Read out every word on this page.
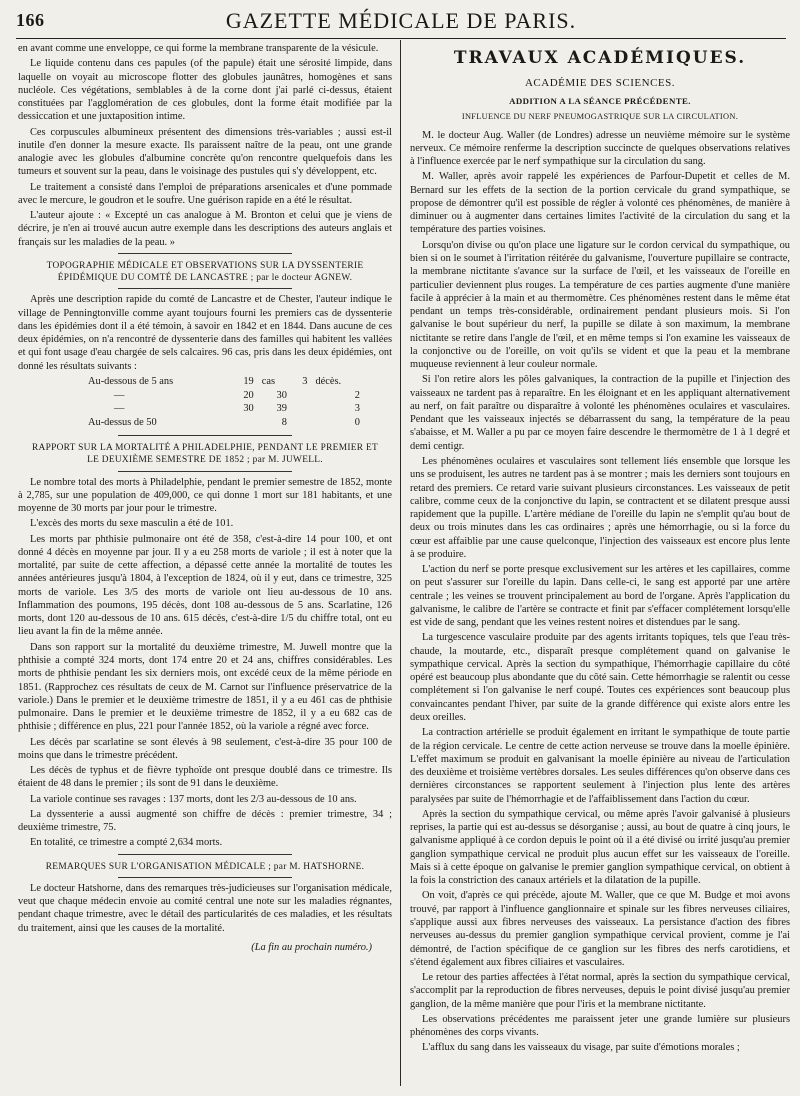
GAZETTE MÉDICALE DE PARIS.
166

en avant comme une enveloppe, ce qui forme la membrane transparente de la vésicule.

Le liquide contenu dans ces papules (of the papule) était une sérosité limpide, dans laquelle on voyait au microscope flotter des globules jaunâtres, homogènes et sans nucléole. Ces végétations, semblables à de la corne dont j'ai parlé ci-dessus, étaient constituées par l'agglomération de ces globules, dont la forme était modifiée par la dessiccation et une juxtaposition intime.

Ces corpuscules albumineux présentent des dimensions très-variables ; aussi est-il inutile d'en donner la mesure exacte. Ils paraissent naître de la peau, ont une grande analogie avec les globules d'albumine concrète qu'on rencontre quelquefois dans les tumeurs et souvent sur la peau, dans le voisinage des pustules qui s'y développent, etc.

Le traitement a consisté dans l'emploi de préparations arsenicales et d'une pommade avec le mercure, le goudron et le soufre. Une guérison rapide en a été le résultat.

L'auteur ajoute : « Excepté un cas analogue à M. Bronton et celui que je viens de décrire, je n'en ai trouvé aucun autre exemple dans les descriptions des auteurs anglais et français sur les maladies de la peau. »

TOPOGRAPHIE MÉDICALE ET OBSERVATIONS SUR LA DYSSENTERIE ÉPIDÉMIQUE DU COMTÉ DE LANCASTRE ; par le docteur AGNEW.

Après une description rapide du comté de Lancastre et de Chester, l'auteur indique le village de Penningtonville comme ayant toujours fourni les premiers cas de dyssenterie dans les épidémies dont il a été témoin, à savoir en 1842 et en 1844. Dans aucune de ces deux épidémies, on n'a rencontré de dyssenterie dans des familles qui habitent les vallées et qui font usage d'eau chargée de sels calcaires. 96 cas, pris dans les deux épidémies, ont donné les résultats suivants :

Au-dessous de 5 ans	19	cas	3	décès.
—	20	30		2
—	30	39		3
Au-dessus de 50		8		0
RAPPORT SUR LA MORTALITÉ A PHILADELPHIE, PENDANT LE PREMIER ET LE DEUXIÈME SEMESTRE DE 1852 ; par M. JUWELL.

Le nombre total des morts à Philadelphie, pendant le premier semestre de 1852, monte à 2,785, sur une population de 409,000, ce qui donne 1 mort sur 181 habitants, et une moyenne de 30 morts par jour pour le trimestre.

L'excès des morts du sexe masculin a été de 101.

Les morts par phthisie pulmonaire ont été de 358, c'est-à-dire 14 pour 100, et ont donné 4 décès en moyenne par jour. Il y a eu 258 morts de variole ; il est à noter que la mortalité, par suite de cette affection, a dépassé cette année la mortalité de toutes les années antérieures jusqu'à 1804, à l'exception de 1824, où il y eut, dans ce trimestre, 325 morts de variole. Les 3/5 des morts de variole ont lieu au-dessous de 10 ans. Inflammation des poumons, 195 décès, dont 108 au-dessous de 5 ans. Scarlatine, 126 morts, dont 120 au-dessous de 10 ans. 615 décès, c'est-à-dire 1/5 du chiffre total, ont eu lieu avant la fin de la même année.

Dans son rapport sur la mortalité du deuxième trimestre, M. Juwell montre que la phthisie a compté 324 morts, dont 174 entre 20 et 24 ans, chiffres considérables. Les morts de phthisie pendant les six derniers mois, ont excédé ceux de la même période en 1851. (Rapprochez ces résultats de ceux de M. Carnot sur l'influence préservatrice de la variole.) Dans le premier et le deuxième trimestre de 1851, il y a eu 461 cas de phthisie pulmonaire. Dans le premier et le deuxième trimestre de 1852, il y a eu 682 cas de phthisie ; différence en plus, 221 pour l'année 1852, où la variole a régné avec force.

Les décès par scarlatine se sont élevés à 98 seulement, c'est-à-dire 35 pour 100 de moins que dans le trimestre précédent.

Les décès de typhus et de fièvre typhoïde ont presque doublé dans ce trimestre. Ils étaient de 48 dans le premier ; ils sont de 91 dans le deuxième.

La variole continue ses ravages : 137 morts, dont les 2/3 au-dessous de 10 ans.

La dyssenterie a aussi augmenté son chiffre de décès : premier trimestre, 34 ; deuxième trimestre, 75.

En totalité, ce trimestre a compté 2,634 morts.

REMARQUES SUR L'ORGANISATION MÉDICALE ; par M. HATSHORNE.

Le docteur Hatshorne, dans des remarques très-judicieuses sur l'organisation médicale, veut que chaque médecin envoie au comité central une note sur les maladies régnantes, pendant chaque trimestre, avec le détail des particularités de ces maladies, et les résultats du traitement, ainsi que les causes de la mortalité.

(La fin au prochain numéro.)
TRAVAUX ACADÉMIQUES.
ACADÉMIE DES SCIENCES.
ADDITION A LA SÉANCE PRÉCÉDENTE.
INFLUENCE DU NERF PNEUMOGASTRIQUE SUR LA CIRCULATION.

M. le docteur Aug. Waller (de Londres) adresse un neuvième mémoire sur le système nerveux. Ce mémoire renferme la description succincte de quelques observations relatives à l'influence exercée par le nerf sympathique sur la circulation du sang.

M. Waller, après avoir rappelé les expériences de Parfour-Dupetit et celles de M. Bernard sur les effets de la section de la portion cervicale du grand sympathique, se propose de démontrer qu'il est possible de régler à volonté ces phénomènes, de manière à diminuer ou à augmenter dans certaines limites l'activité de la circulation du sang et la température des parties voisines.

Lorsqu'on divise ou qu'on place une ligature sur le cordon cervical du sympathique, ou bien si on le soumet à l'irritation réitérée du galvanisme, l'ouverture pupillaire se contracte, la membrane nictitante s'avance sur la surface de l'œil, et les vaisseaux de l'oreille en particulier deviennent plus rouges. La température de ces parties augmente d'une manière facile à apprécier à la main et au thermomètre. Ces phénomènes restent dans le même état pendant un temps très-considérable, ordinairement pendant plusieurs mois. Si l'on galvanise le bout supérieur du nerf, la pupille se dilate à son maximum, la membrane nictitante se retire dans l'angle de l'œil, et en même temps si l'on examine les vaisseaux de la conjonctive ou de l'oreille, on voit qu'ils se vident et que la peau et la membrane muqueuse reviennent à leur couleur normale.

Si l'on retire alors les pôles galvaniques, la contraction de la pupille et l'injection des vaisseaux ne tardent pas à reparaître. En les éloignant et en les appliquant alternativement au nerf, on fait paraître ou disparaître à volonté les phénomènes oculaires et vasculaires. Pendant que les vaisseaux injectés se débarrassent du sang, la température de la peau s'abaisse, et M. Waller a pu par ce moyen faire descendre le thermomètre de 1 à 1 degré et demi centigr.

Les phénomènes oculaires et vasculaires sont tellement liés ensemble que lorsque les uns se produisent, les autres ne tardent pas à se montrer ; mais les derniers sont toujours en retard des premiers. Ce retard varie suivant plusieurs circonstances. Les vaisseaux de petit calibre, comme ceux de la conjonctive du lapin, se contractent et se dilatent presque aussi rapidement que la pupille. L'artère médiane de l'oreille du lapin ne s'emplit qu'au bout de deux ou trois minutes dans les cas ordinaires ; après une hémorrhagie, ou si la force du cœur est affaiblie par une cause quelconque, l'injection des vaisseaux est encore plus lente à se produire.

L'action du nerf se porte presque exclusivement sur les artères et les capillaires, comme on peut s'assurer sur l'oreille du lapin. Dans celle-ci, le sang est apporté par une artère centrale ; les veines se trouvent principalement au bord de l'organe. Après l'application du galvanisme, le calibre de l'artère se contracte et finit par s'effacer complétement lorsqu'elle est vide de sang, pendant que les veines restent noires et distendues par le sang.

La turgescence vasculaire produite par des agents irritants topiques, tels que l'eau très-chaude, la moutarde, etc., disparaît presque complétement quand on galvanise le sympathique cervical. Après la section du sympathique, l'hémorrhagie capillaire du côté opéré est beaucoup plus abondante que du côté sain. Cette hémorrhagie se ralentit ou cesse complétement si l'on galvanise le nerf coupé. Toutes ces expériences sont beaucoup plus convaincantes pendant l'hiver, par suite de la grande différence qui existe alors entre les deux oreilles.

La contraction artérielle se produit également en irritant le sympathique de toute partie de la région cervicale. Le centre de cette action nerveuse se trouve dans la moelle épinière. L'effet maximum se produit en galvanisant la moelle épinière au niveau de l'articulation des deuxième et troisième vertèbres dorsales. Les seules différences qu'on observe dans ces dernières circonstances se rapportent seulement à l'injection plus lente des artères paralysées par suite de l'hémorrhagie et de l'affaiblissement dans l'action du cœur.

Après la section du sympathique cervical, ou même après l'avoir galvanisé à plusieurs reprises, la partie qui est au-dessus se désorganise ; aussi, au bout de quatre à cinq jours, le galvanisme appliqué à ce cordon depuis le point où il a été divisé ou irrité jusqu'au premier ganglion sympathique cervical ne produit plus aucun effet sur les vaisseaux de l'oreille. Mais si à cette époque on galvanise le premier ganglion sympathique cervical, on obtient à la fois la constriction des canaux artériels et la dilatation de la pupille.

On voit, d'après ce qui précède, ajoute M. Waller, que ce que M. Budge et moi avons trouvé, par rapport à l'influence ganglionnaire et spinale sur les fibres nerveuses ciliaires, s'applique aussi aux fibres nerveuses des vaisseaux. La persistance d'action des fibres nerveuses au-dessus du premier ganglion sympathique cervical provient, comme je l'ai démontré, de l'action spécifique de ce ganglion sur les fibres des nerfs carotidiens, et s'étend également aux fibres ciliaires et vasculaires.

Le retour des parties affectées à l'état normal, après la section du sympathique cervical, s'accomplit par la reproduction de fibres nerveuses, depuis le point divisé jusqu'au premier ganglion, de la même manière que pour l'iris et la membrane nictitante.

Les observations précédentes me paraissent jeter une grande lumière sur plusieurs phénomènes des corps vivants.

L'afflux du sang dans les vaisseaux du visage, par suite d'émotions morales ;
